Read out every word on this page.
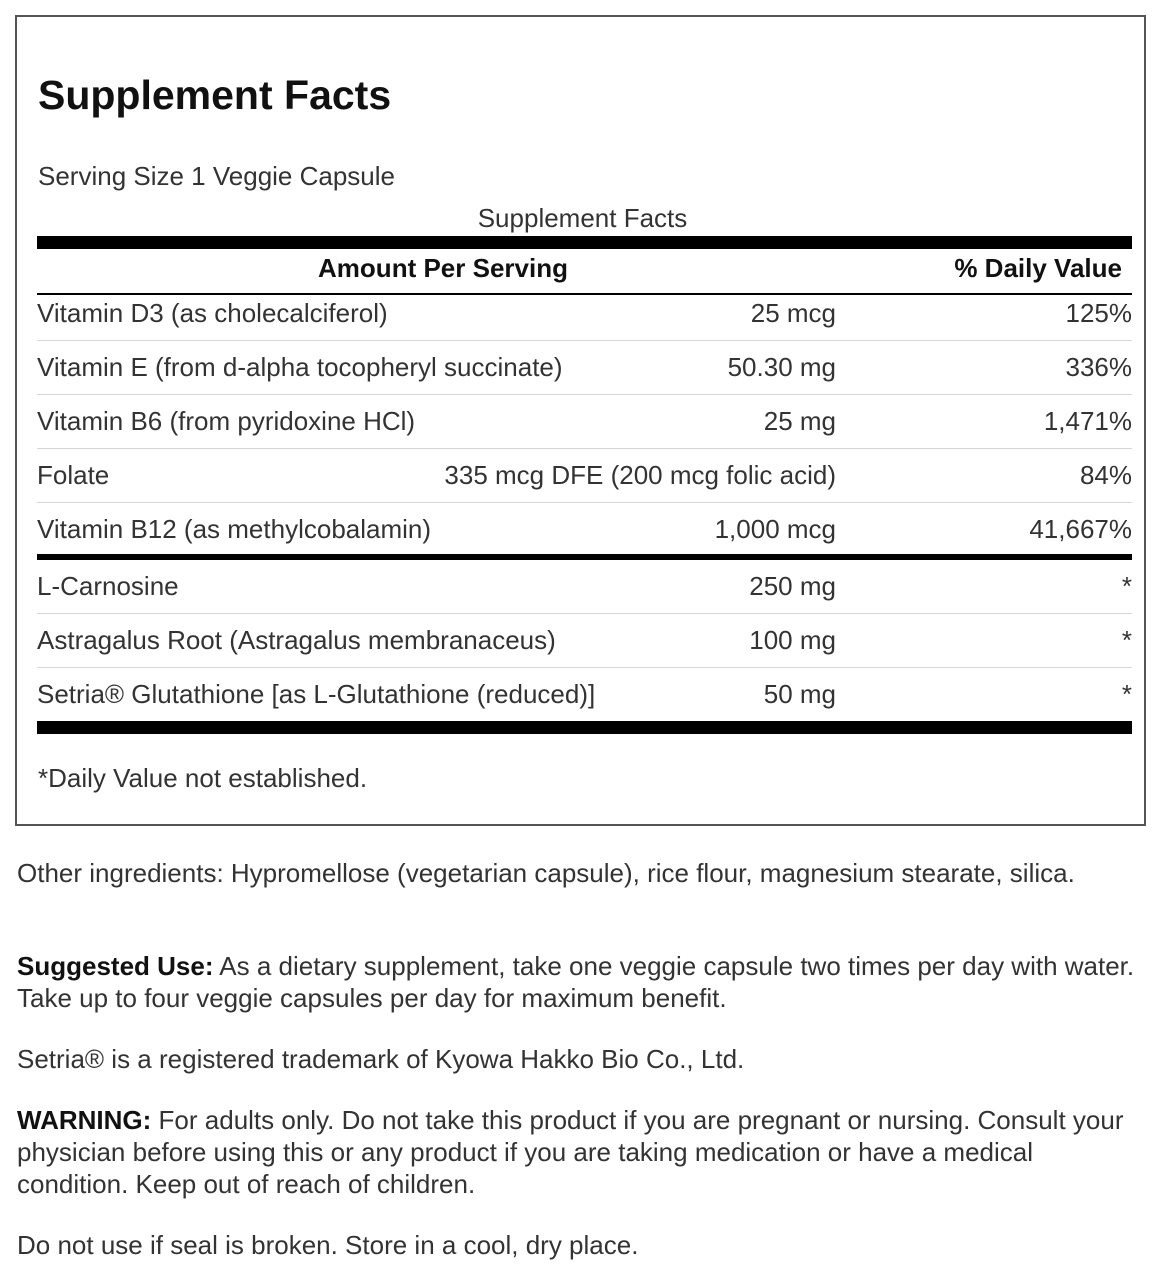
Supplement Facts
Serving Size 1 Veggie Capsule
Supplement Facts
Amount Per Serving	% Daily Value
Vitamin D3 (as cholecalciferol)	25 mcg	125%
Vitamin E (from d-alpha tocopheryl succinate)	50.30 mg	336%
Vitamin B6 (from pyridoxine HCl)	25 mg	1,471%
Folate	335 mcg DFE (200 mcg folic acid)	84%
Vitamin B12 (as methylcobalamin)	1,000 mcg	41,667%
L-Carnosine	250 mg	*
Astragalus Root (Astragalus membranaceus)	100 mg	*
Setria® Glutathione [as L-Glutathione (reduced)]	50 mg	*
*Daily Value not established.

Other ingredients: Hypromellose (vegetarian capsule), rice flour, magnesium stearate, silica.

Suggested Use: As a dietary supplement, take one veggie capsule two times per day with water. Take up to four veggie capsules per day for maximum benefit.

Setria® is a registered trademark of Kyowa Hakko Bio Co., Ltd.

WARNING: For adults only. Do not take this product if you are pregnant or nursing. Consult your physician before using this or any product if you are taking medication or have a medical condition. Keep out of reach of children.

Do not use if seal is broken. Store in a cool, dry place.
